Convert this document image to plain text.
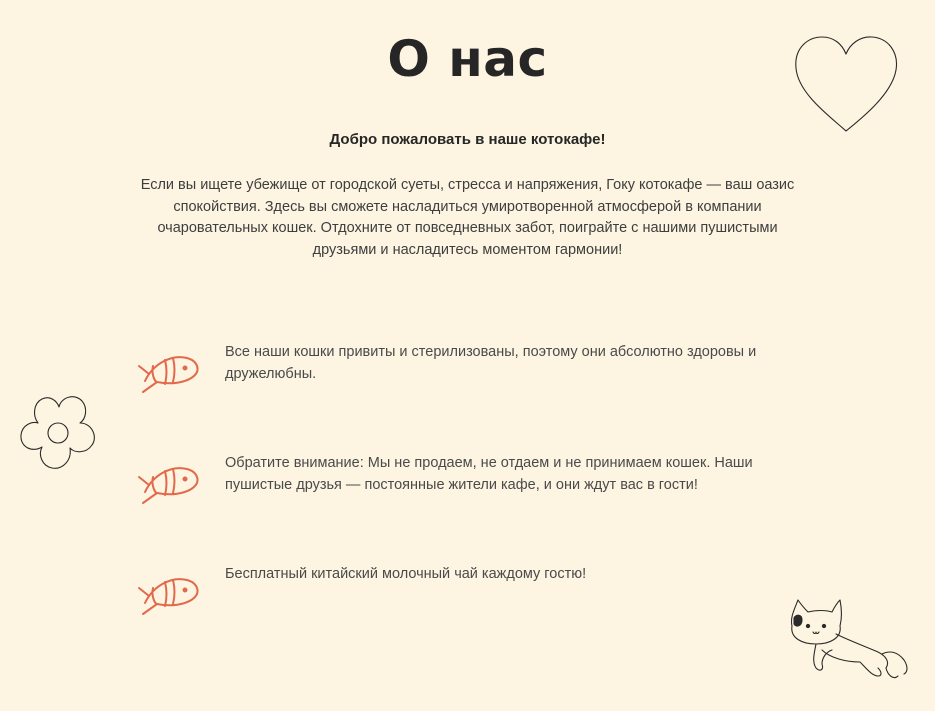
О нас
Добро пожаловать в наше котокафе!

Если вы ищете убежище от городской суеты, стресса и напряжения, Гоку котокафе — ваш оазис спокойствия. Здесь вы сможете насладиться умиротворенной атмосферой в компании очаровательных кошек. Отдохните от повседневных забот, поиграйте с нашими пушистыми друзьями и насладитесь моментом гармонии!

Все наши кошки привиты и стерилизованы, поэтому они абсолютно здоровы и дружелюбны.
Обратите внимание: Мы не продаем, не отдаем и не принимаем кошек. Наши пушистые друзья — постоянные жители кафе, и они ждут вас в гости!
Бесплатный китайский молочный чай каждому гостю!
